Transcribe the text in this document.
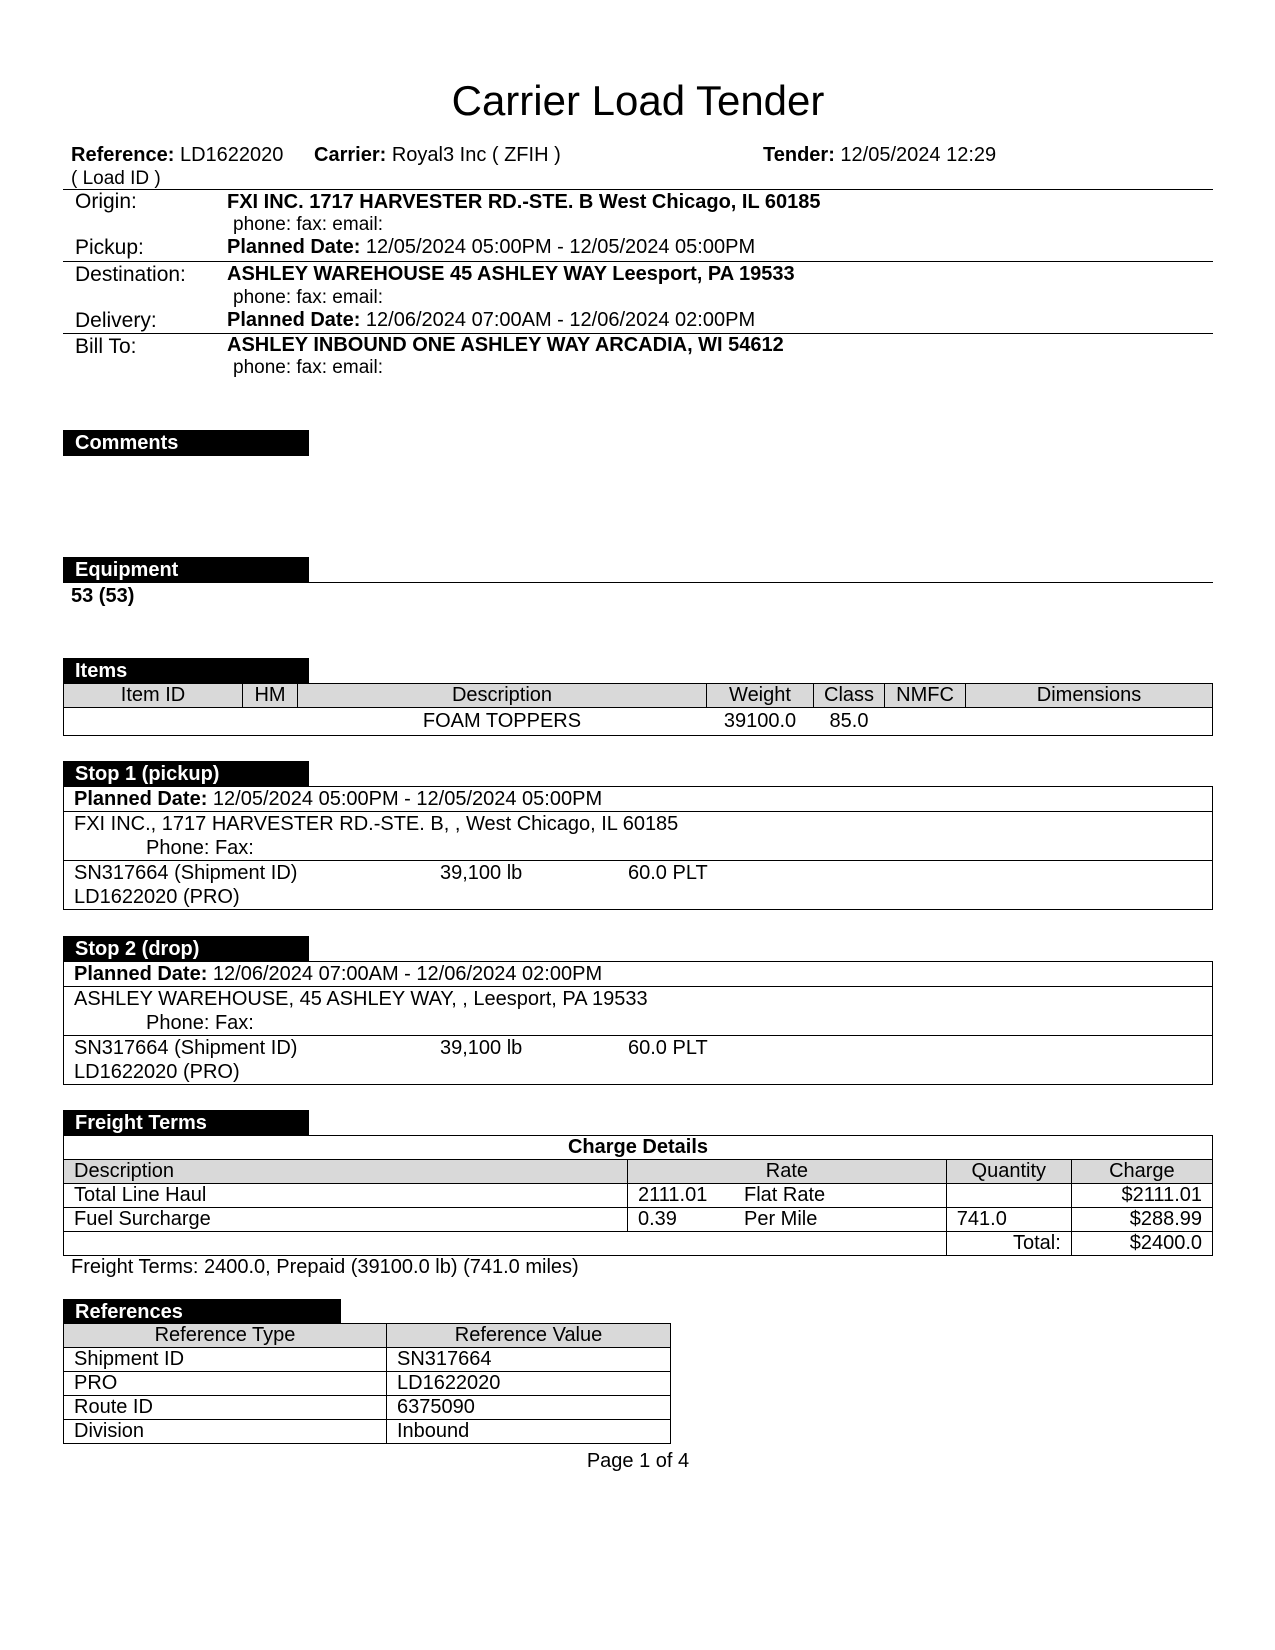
Carrier Load Tender
Reference: LD1622020
( Load ID )
Carrier: Royal3 Inc ( ZFIH )	Tender: 12/05/2024 12:29
Origin:	FXI INC. 1717 HARVESTER RD.-STE. B West Chicago, IL 60185
phone: fax: email:
Pickup:	Planned Date: 12/05/2024 05:00PM - 12/05/2024 05:00PM
Destination: ASHLEY WAREHOUSE 45 ASHLEY WAY Leesport, PA 19533
phone: fax: email:
Delivery:	Planned Date: 12/06/2024 07:00AM - 12/06/2024 02:00PM
Bill To:	ASHLEY INBOUND ONE ASHLEY WAY ARCADIA, WI 54612
phone: fax: email:
Comments
Equipment
53 (53)
Items
Item ID	HM	Description	Weight	Class	NMFC	Dimensions
		FOAM TOPPERS	39100.0	85.0		
Stop 1 (pickup)
Planned Date: 12/05/2024 05:00PM - 12/05/2024 05:00PM
FXI INC., 1717 HARVESTER RD.-STE. B, , West Chicago, IL 60185
Phone: Fax:
SN317664 (Shipment ID)	39,100 lb	60.0 PLT
LD1622020 (PRO)
Stop 2 (drop)
Planned Date: 12/06/2024 07:00AM - 12/06/2024 02:00PM
ASHLEY WAREHOUSE, 45 ASHLEY WAY, , Leesport, PA 19533
Phone: Fax:
SN317664 (Shipment ID)	39,100 lb	60.0 PLT
LD1622020 (PRO)
Freight Terms
Charge Details				
Description	Rate		Quantity	Charge
Total Line Haul	2111.01	Flat Rate		$2111.01
Fuel Surcharge	0.39	Per Mile	741.0	$288.99
			Total:	$2400.0
Freight Terms: 2400.0, Prepaid (39100.0 lb) (741.0 miles)
References
Reference Type	Reference Value
Shipment ID	SN317664
PRO	LD1622020
Route ID	6375090
Division	Inbound
Page 1 of 4
